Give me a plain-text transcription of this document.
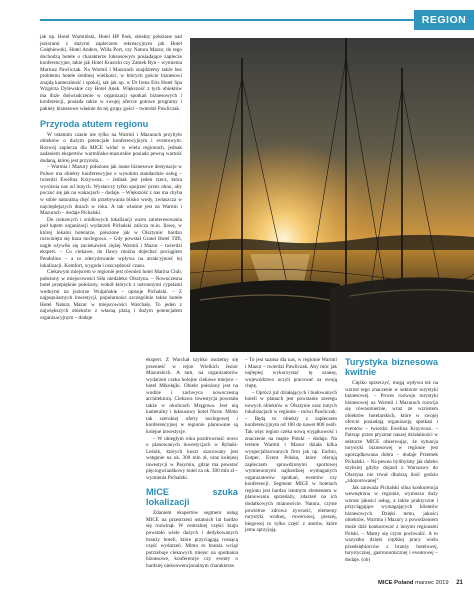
REGION

jak np. Hotel Warmiński, Hotel HP Park, obiekty położone nad jeziorami z dużymi zapleczem rekreacyjnym jak Hotel Gołębiewski, Hotel Anders, Willa Port, czy Natura Mazur, do tego dochodzą hotele o charakterze luksusowym posiadające zaplecze konferencyjne, takie jak Hotel Krasicki czy Zamek Ryn – wymienia Mariusz Pawliczak. Na Warmii i Mazurach znajdziemy także bez problemu hotele średniej wielkości, w których goście biznesowi znajdą kameralność i spokój, tak jak np. w Dr Irena Eris Hotel Spa Wzgórza Dylewskie czy Hotel Anek. Większość z tych obiektów ma duże doświadczenie w organizacji spotkań biznesowych i konferencji, posiada także w swojej ofercie gotowe programy i pakiety biznesowe właśnie do tej grupy gości – twierdzi Pawliczak.

Przyroda atutem regionu

W ostatnim czasie nie tylko na Warmii i Mazurach przybyło obiektów o dużym potencjale konferencyjnym i eventowym. Rozwój zaplecza dla MICE widać w wielu regionach, jednak zadaniem ekspertów warmińsko-mazurskie posiada pewną wartość dodaną, której jest przyroda.

– Warmia i Mazury położone jak ioane biznesowe destynacje w Polsce ma obiekty konferencyjne o wysokim standardzie usług – twierdzi Ewelina Krzywosz. – Jednak jest jeden rzecz, która wyróżnia nas od innych. Wystarczy tylko spojrzeć przez okno, aby poczuć się jak na wakacjach – dodaje. – Większość z nas ma chyba w sobie naturalną chęć do przebywania blisko wody, zwłaszcza w najcieplejszych dniach w roku. A tak właśnie jest na Warmii i Mazurach – dodaje Pichalski.

Do ciekawych i sródlowych lokalizacji warto zainteresowania pod kątem organizacji wydarzeń Pichalski zalicza m.in. Ilawę, w której lokalni hotelarze, położone jak w Olsztynie: bardzo rozwinięta się baza noclegowa. – Gdy powstał Grand Hotel Tiffi, nagle ożywiło się zaciekawień ciężej Warmii i Mazur – twierdzi ekspert. – Co ciekawe, do Ilawy można dojechać pociągiem Pendolino – a to zdecydowanie wpływa na atrakcyjność tej lokalizacji. Komfort, wygoda i oszczędność czasu.

Ciekawym miejscem w regionie jest również hotel Marina Club, położony w miejscowości Siłu niedaleko Olsztyna. – Nowoczesna hotel przepięknie położony, wokół których z ustronnymi cypelami wodnymi na jeziorze Wulpińskie – opisuje Pichalski. – Z najpopularnych inwestycji, popularności szczególnie także hotele Hotel Natura Mazur w miejscowości Warchały. To jeden z największych obiektów z własną plażą i dużym potencjałem organizacyjnym – dodaje

ekspert. Z Warchał szybko możemy się przenieść w rejon Wielkich Jezior Mazurskich. A tam, na organizatorów wydarzeń czeka kolejne ciekawe miejsce – hotel Mikołajki. Obiekt położony jest na wodzie i zachwyca nowoczesną architekturą. Ciekawa inwestycja powstała także w okolicach Mrągowa. Jest nią kameralny i luksusowy hotel Nurie. Mimo tak szerokiej oferty noclegowej i konferencyjnej w regionie planowane są kolejne inwestycje.

– W ubiegłym roku pozdrowność nowo o planowanych inwestycjach w Rybaki-Leśnik, których koszt szacowany jest wstępnie na ok. 300 mln zł, oraz kolejnej inwestycji w Pasymiu, gdzie ma powstać pięciogwiazdkowy hotel za ok. 300 mln zł – wymienia Pichalski.

MICE szuka lokalizacji

Zdaniem ekspertów segment usług MICE na przestrzeni ostatnich lat bardzo się rozwinął. W centralnej części kraju powstało wiele dużych i dedykowanych branży hoteli, które przyciągają rosnącą część wydarzeń. Mimo to branża wciąż potrzebuje ciekawych miejsc na spotkania biznesowe, konferencje czy eventy o bardziej niekonwencjonalnym charakterze.

– To jest szansa dla nas, w regionie Warmii i Mazur – twierdzi Pawliczak. Aby móc jak najlepiej wykorzystać tę szansę, województwo uczyli pracować za swoją chętę.

– Oprócz już działających i budowanych hoteli w planach jest powstanie szeregu nowych obiektów w Olsztynie oraz innych lokalizacjach w regionie – mówi Pawliczak. – Będą to obiekty z zapleczem konferencyjnym od 100 do nawet 800 osób. Tak więc region czeka nową wyjątkowość i znaczenie na mapie Polski – dodaje. Na terenie Warmii i Mazur działa kilka wyspecjalizowanych firm jak np. Eurbio, Eutper, Event Polska, które oferują zapleczem sprawdzonymi sportowej wymienionymi najbardziej wymaganych organizatorów spotkań, eventów czy konferencji. Segment MICE w hotelach regionu jest bardzo istotnym elementem w planowaniu sprzedaży, zdarzeń na ich dodatkowych mianowicie. Natura, czyste powietrze zdrowa żywność, elementy turystyki wodnej, rowerowej, pieszej, biegowej to tylko część z atutów, które jemu sprzyjają.

Turystyka biznesowa kwitnie

Ciężko sprzeczyć, mogą wpływa też na wzrost tego znaczenie w sektorze turystyki biznesowej. – Proces rozwoju turystyki biznesowej na Warmii i Mazurach rozwija się równomiernie, wraz ze wzrostem obiektów hotelarskich, które w swojej ofercie posiadają organizację spotkań i eventów – twierdzi Ewelina Krzywosz. – Patrząc przez pryzmat naszej działalności w sektorze MICE obserwując, że sytuacja turystyki biznesowej w regionie jest uporządkowana dobra – dodaje Przemek Pichalski. – Na pewno bylibyśmy jak daleko szybciej gdyby dojazd z Warszawy do Olsztyna nie trwał dłuższą ilość godzin „zdozorowanej”.

Jak zauważa Pichalski silna konkurencja wewnętrzna w regionie, wymusza duży wzrost jakości usług, a także praktyczne i przyciągające wymagających klientów biznesowych. Dzięki temu, jakości obiektów, Warmia i Mazury z powodzeniem może dziś konkurować z innymi regionami Polski. – Mamy się czym pochwalić. A to wszystko dzięki ciężkiej pracy wielu przedsiębiorców z branży hotelowej, turystycznej, gastronomicznej i eventowej – dodaje. (ob)

MICE Poland marzec 2019 21
